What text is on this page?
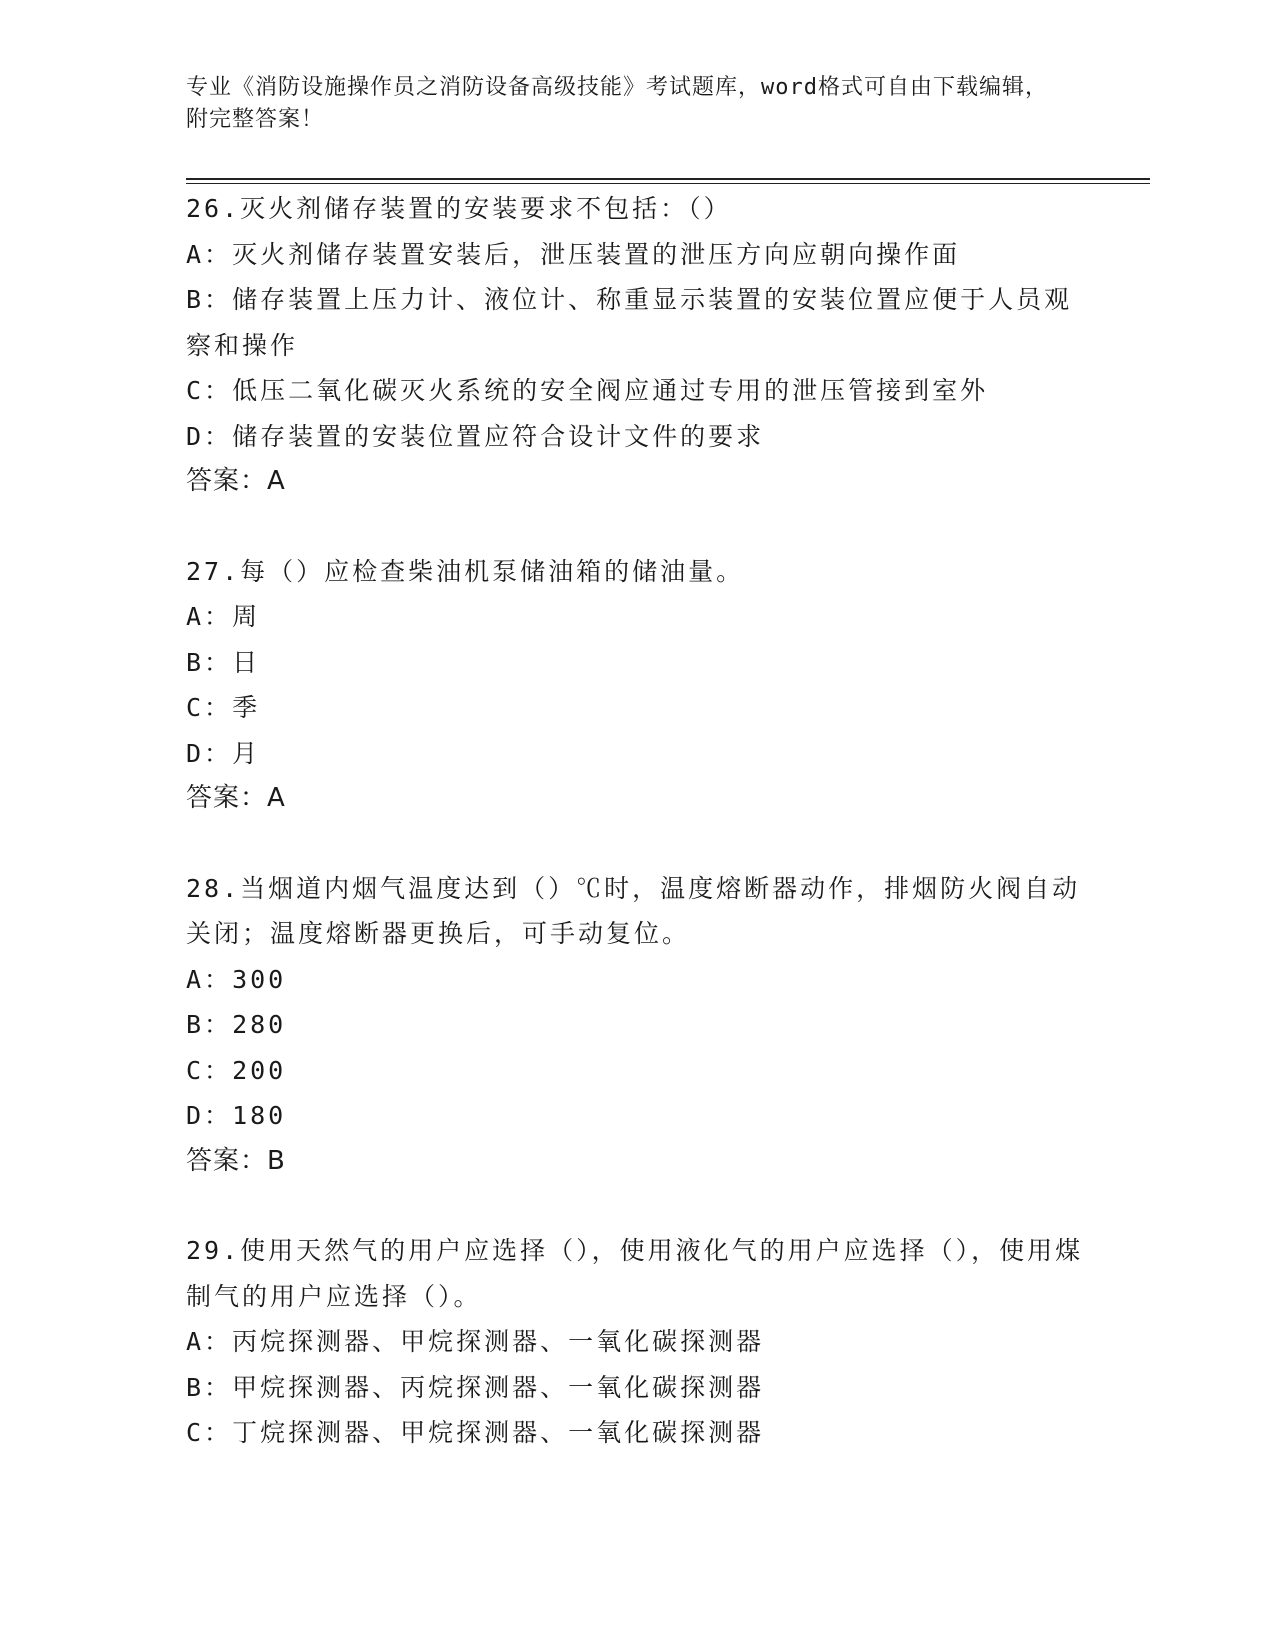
专业《消防设施操作员之消防设备高级技能》考试题库，word格式可自由下载编辑，附完整答案！
26.灭火剂储存装置的安装要求不包括：（）
A：灭火剂储存装置安装后，泄压装置的泄压方向应朝向操作面
B：储存装置上压力计、液位计、称重显示装置的安装位置应便于人员观察和操作
C：低压二氧化碳灭火系统的安全阀应通过专用的泄压管接到室外
D：储存装置的安装位置应符合设计文件的要求
答案：A
27.每（）应检查柴油机泵储油箱的储油量。
A：周
B：日
C：季
D：月
答案：A
28.当烟道内烟气温度达到（）℃时，温度熔断器动作，排烟防火阀自动关闭；温度熔断器更换后，可手动复位。
A：300
B：280
C：200
D：180
答案：B
29.使用天然气的用户应选择（），使用液化气的用户应选择（），使用煤制气的用户应选择（）。
A：丙烷探测器、甲烷探测器、一氧化碳探测器
B：甲烷探测器、丙烷探测器、一氧化碳探测器
C：丁烷探测器、甲烷探测器、一氧化碳探测器
